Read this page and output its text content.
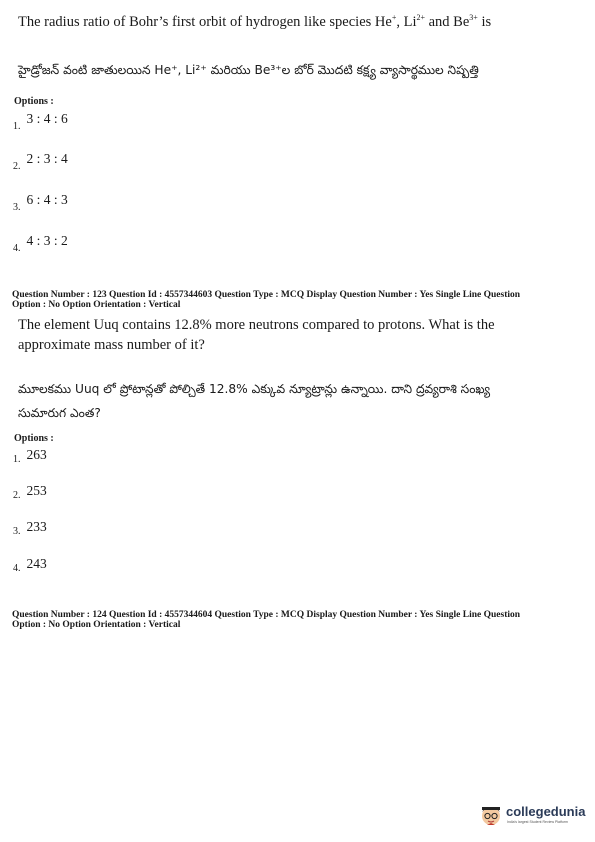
The radius ratio of Bohr’s first orbit of hydrogen like species He+, $Li^{2+}$ and $Be^{3+}$ is
హైడ్రోజన్ వంటి జాతులయిన He⁺, Li²⁺ మరియు Be³⁺ల బోర్ మొదటి కక్ష్య వ్యాసార్థముల నిష్పత్తి
Options :
$_{1.}$ 3 : 4 : 6
$_{2.}$ 2 : 3 : 4
$_{3.}$ 6 : 4 : 3
$_{4.}$ 4 : 3 : 2
Question Number : 123 Question Id : 4557344603 Question Type : MCQ Display Question Number : Yes Single Line Question
Option : No Option Orientation : Vertical
The element Uuq contains 12.8% more neutrons compared to protons. What is the
approximate mass number of it?
మూలకము Uuq లో ప్రోటాన్లతో పోల్చితే 12.8% ఎక్కువ న్యూట్రాన్లు ఉన్నాయి. దాని ద్రవ్యరాశి సంఖ్య
సుమారుగ ఎంత?
Options :
1. 263
2. 253
3. 233
4. 243
Question Number : 124 Question Id : 4557344604 Question Type : MCQ Display Question Number : Yes Single Line Question
Option : No Option Orientation : Vertical
collegedunia
India's largest Student Review Platform
